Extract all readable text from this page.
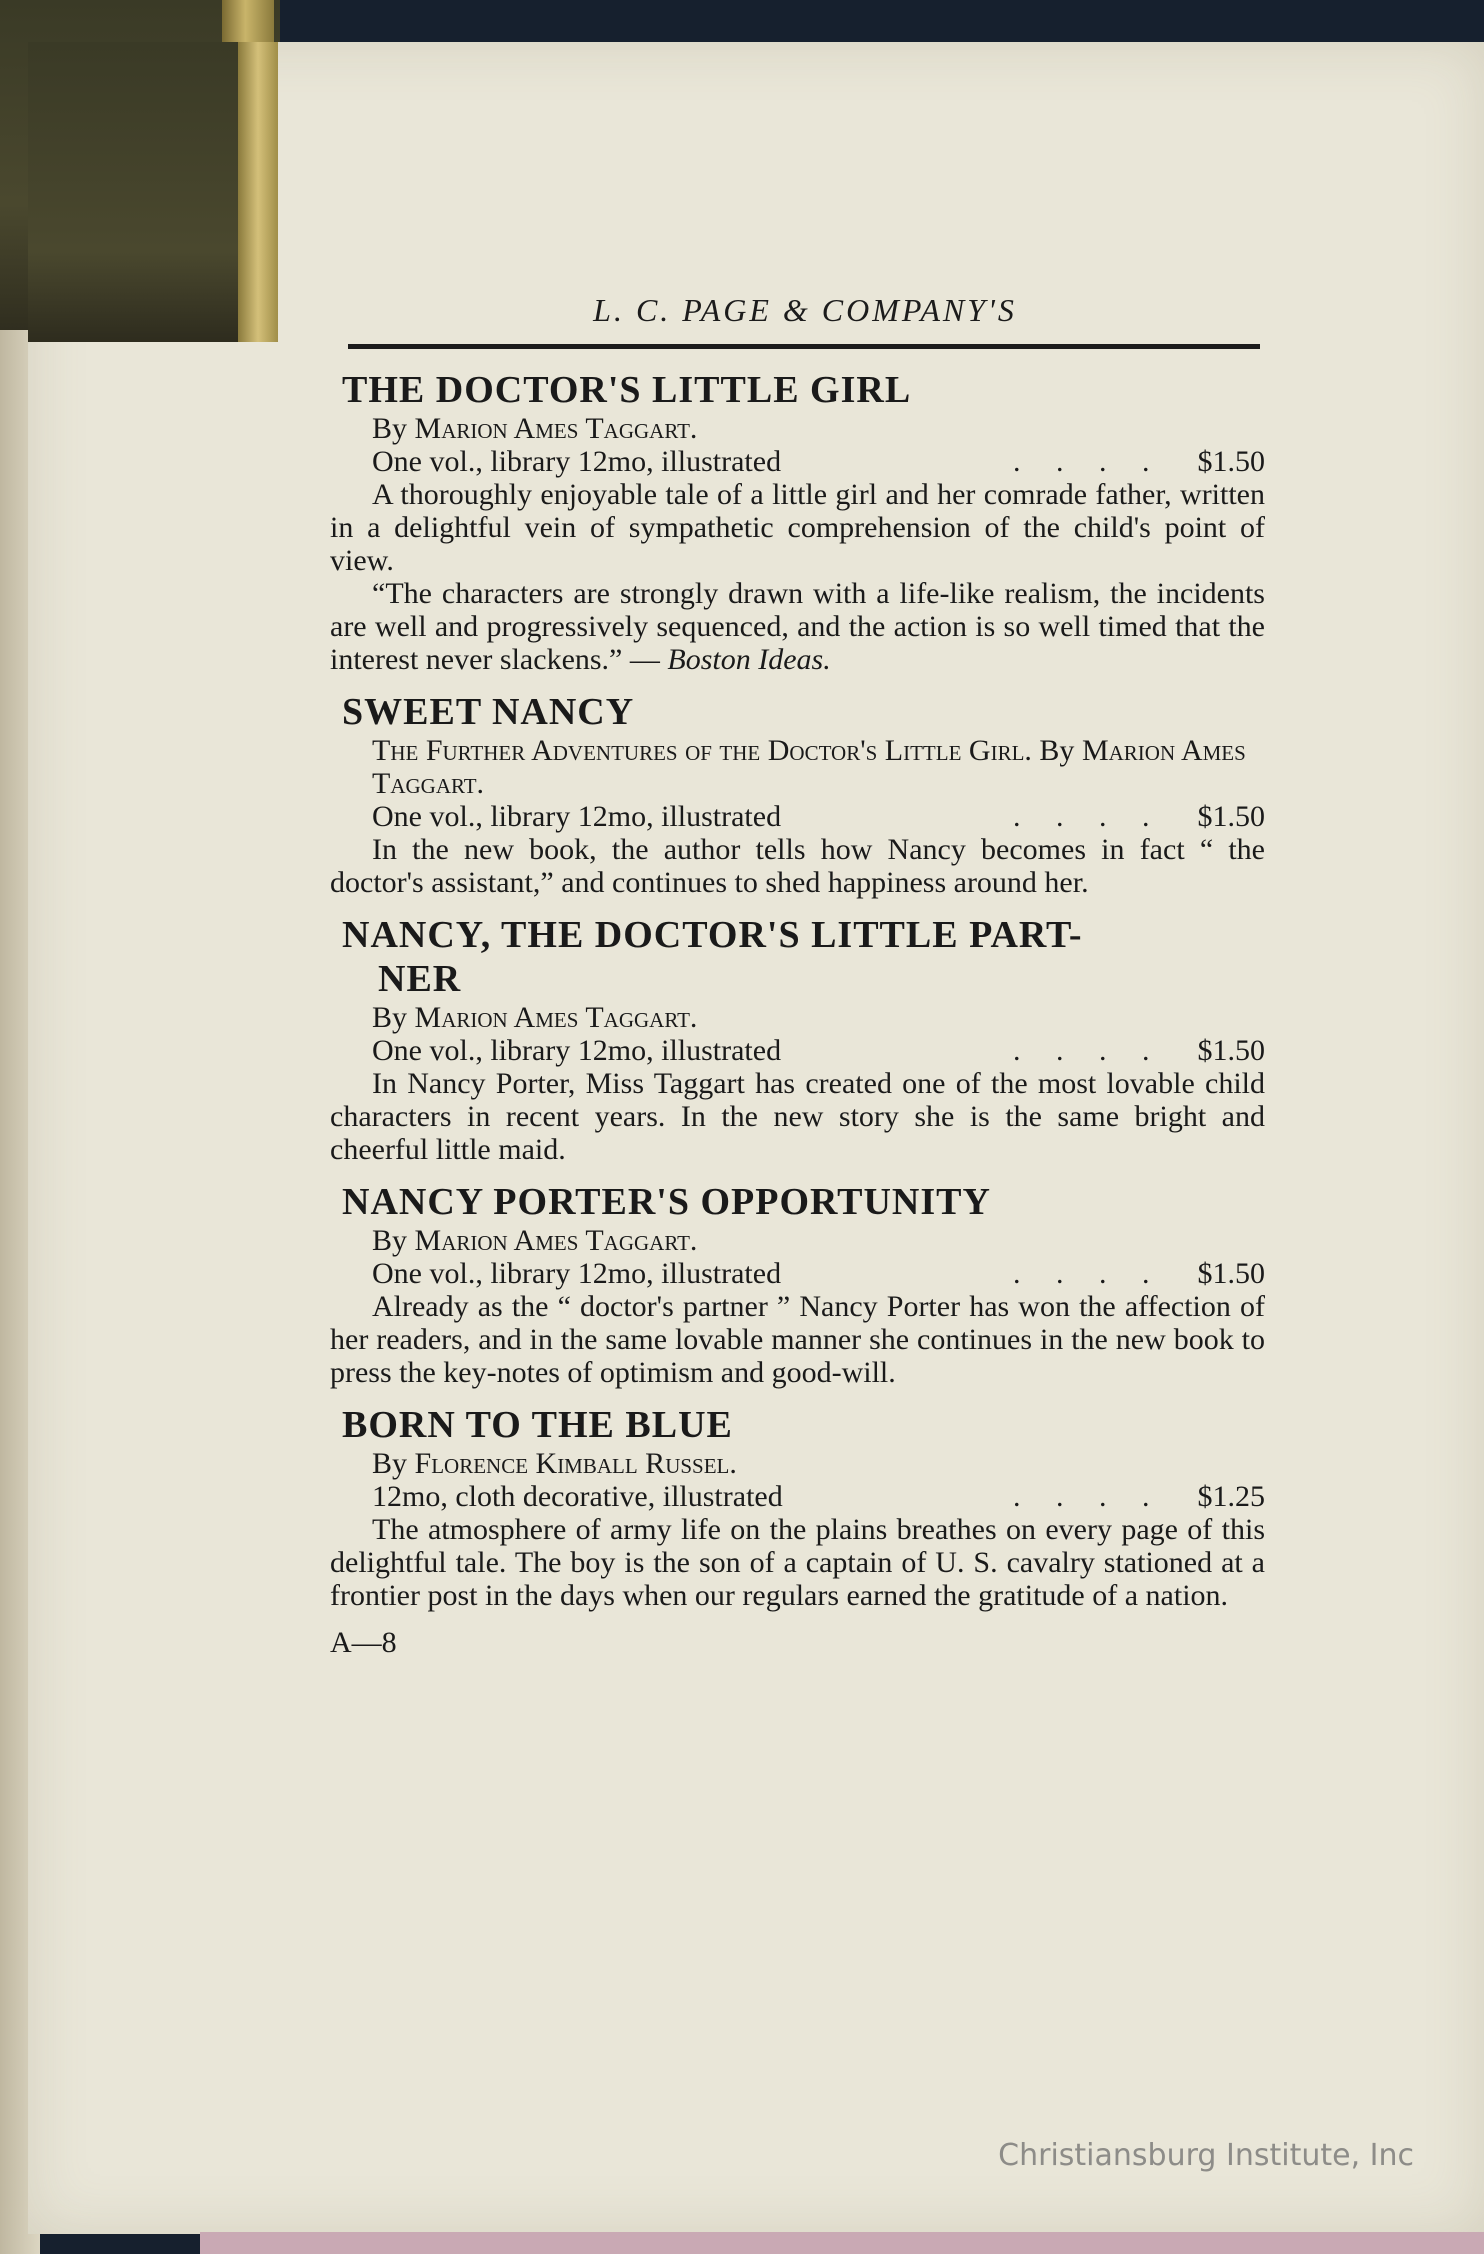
L. C. PAGE & COMPANY'S
THE DOCTOR'S LITTLE GIRL
By Marion Ames Taggart.
One vol., library 12mo, illustrated	. . . . $1.50
A thoroughly enjoyable tale of a little girl and her comrade father, written in a delightful vein of sympathetic comprehension of the child's point of view.
“The characters are strongly drawn with a life-like realism, the incidents are well and progressively sequenced, and the action is so well timed that the interest never slackens.” — Boston Ideas.
SWEET NANCY
The Further Adventures of the Doctor's Little Girl. By Marion Ames Taggart.
One vol., library 12mo, illustrated	. . . . $1.50
In the new book, the author tells how Nancy becomes in fact “ the doctor's assistant,” and continues to shed happiness around her.
NANCY, THE DOCTOR'S LITTLE PART-
NER
By Marion Ames Taggart.
One vol., library 12mo, illustrated	. . . . $1.50
In Nancy Porter, Miss Taggart has created one of the most lovable child characters in recent years. In the new story she is the same bright and cheerful little maid.
NANCY PORTER'S OPPORTUNITY
By Marion Ames Taggart.
One vol., library 12mo, illustrated	. . . . $1.50
Already as the “ doctor's partner ” Nancy Porter has won the affection of her readers, and in the same lovable manner she continues in the new book to press the key-notes of optimism and good-will.
BORN TO THE BLUE
By Florence Kimball Russel.
12mo, cloth decorative, illustrated	. . . . $1.25
The atmosphere of army life on the plains breathes on every page of this delightful tale. The boy is the son of a captain of U. S. cavalry stationed at a frontier post in the days when our regulars earned the gratitude of a nation.
A—8
Christiansburg Institute, Inc
